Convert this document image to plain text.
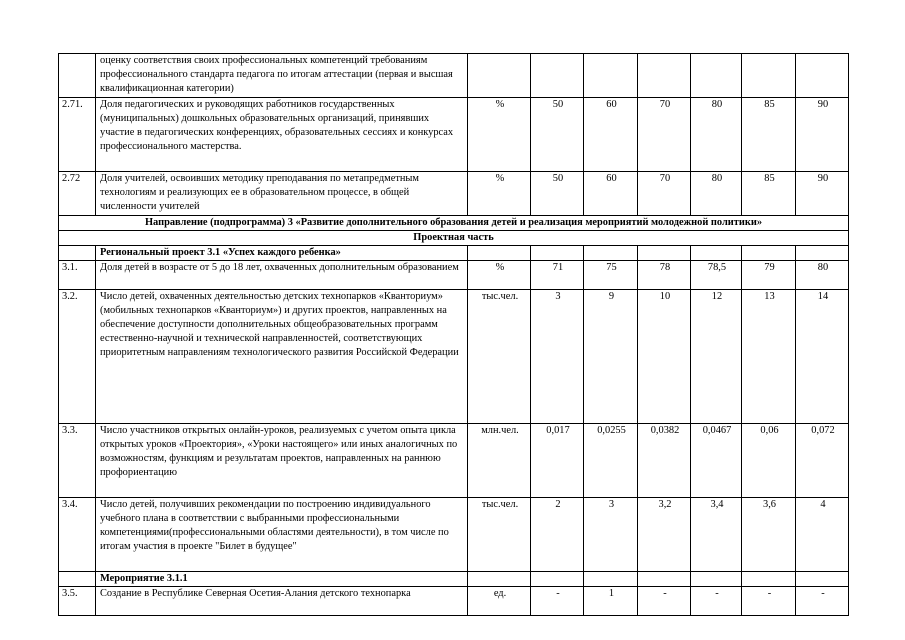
	оценку соответствия своих профессиональных компетенций требованиям профессионального стандарта педагога по итогам аттестации (первая и высшая квалификационная категории)							
2.71.	Доля педагогических и руководящих работников государственных (муниципальных) дошкольных образовательных организаций, принявших участие в педагогических конференциях, образовательных сессиях и конкурсах профессионального мастерства.	%	50	60	70	80	85	90
2.72	Доля учителей, освоивших методику преподавания по метапредметным технологиям и реализующих ее в образовательном процессе, в общей численности учителей	%	50	60	70	80	85	90
Направление (подпрограмма) 3 «Развитие дополнительного образования детей и реализация мероприятий молодежной политики»								
Проектная часть								
	Региональный проект 3.1 «Успех каждого ребенка»							
3.1.	Доля детей в возрасте от 5 до 18 лет, охваченных дополнительным образованием	%	71	75	78	78,5	79	80
3.2.	Число детей, охваченных деятельностью детских технопарков «Кванториум» (мобильных технопарков «Кванториум») и других проектов, направленных на обеспечение доступности дополнительных общеобразовательных программ естественно-научной и технической направленностей, соответствующих приоритетным направлениям технологического развития Российской Федерации	тыс.чел.	3	9	10	12	13	14
3.3.	Число участников открытых онлайн-уроков, реализуемых с учетом опыта цикла открытых уроков «Проектория», «Уроки настоящего» или иных аналогичных по возможностям, функциям и результатам проектов, направленных на раннюю профориентацию	млн.чел.	0,017	0,0255	0,0382	0,0467	0,06	0,072
3.4.	Число детей, получивших рекомендации по построению индивидуального учебного плана в соответствии с выбранными профессиональными компетенциями(профессиональными областями деятельности), в том числе по итогам участия в проекте "Билет в будущее"	тыс.чел.	2	3	3,2	3,4	3,6	4
	Мероприятие 3.1.1							
3.5.	Создание в Республике Северная Осетия-Алания детского технопарка	ед.	-	1	-	-	-	-
